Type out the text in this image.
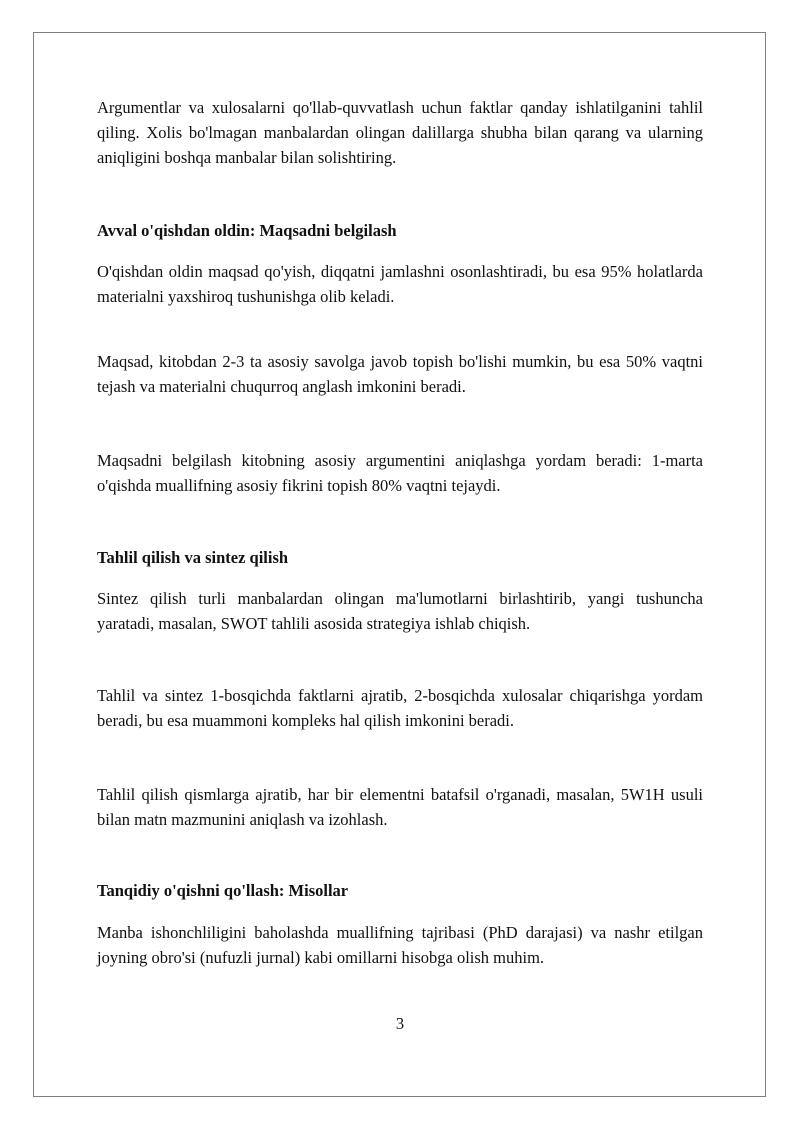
Argumentlar va xulosalarni qo'llab-quvvatlash uchun faktlar qanday ishlatilganini tahlil qiling. Xolis bo'lmagan manbalardan olingan dalillarga shubha bilan qarang va ularning aniqligini boshqa manbalar bilan solishtiring.

Avval o'qishdan oldin: Maqsadni belgilash

O'qishdan oldin maqsad qo'yish, diqqatni jamlashni osonlashtiradi, bu esa 95% holatlarda materialni yaxshiroq tushunishga olib keladi.

Maqsad, kitobdan 2-3 ta asosiy savolga javob topish bo'lishi mumkin, bu esa 50% vaqtni tejash va materialni chuqurroq anglash imkonini beradi.

Maqsadni belgilash kitobning asosiy argumentini aniqlashga yordam beradi: 1-marta o'qishda muallifning asosiy fikrini topish 80% vaqtni tejaydi.

Tahlil qilish va sintez qilish

Sintez qilish turli manbalardan olingan ma'lumotlarni birlashtirib, yangi tushuncha yaratadi, masalan, SWOT tahlili asosida strategiya ishlab chiqish.

Tahlil va sintez 1-bosqichda faktlarni ajratib, 2-bosqichda xulosalar chiqarishga yordam beradi, bu esa muammoni kompleks hal qilish imkonini beradi.

Tahlil qilish qismlarga ajratib, har bir elementni batafsil o'rganadi, masalan, 5W1H usuli bilan matn mazmunini aniqlash va izohlash.

Tanqidiy o'qishni qo'llash: Misollar

Manba ishonchliligini baholashda muallifning tajribasi (PhD darajasi) va nashr etilgan joyning obro'si (nufuzli jurnal) kabi omillarni hisobga olish muhim.

3
